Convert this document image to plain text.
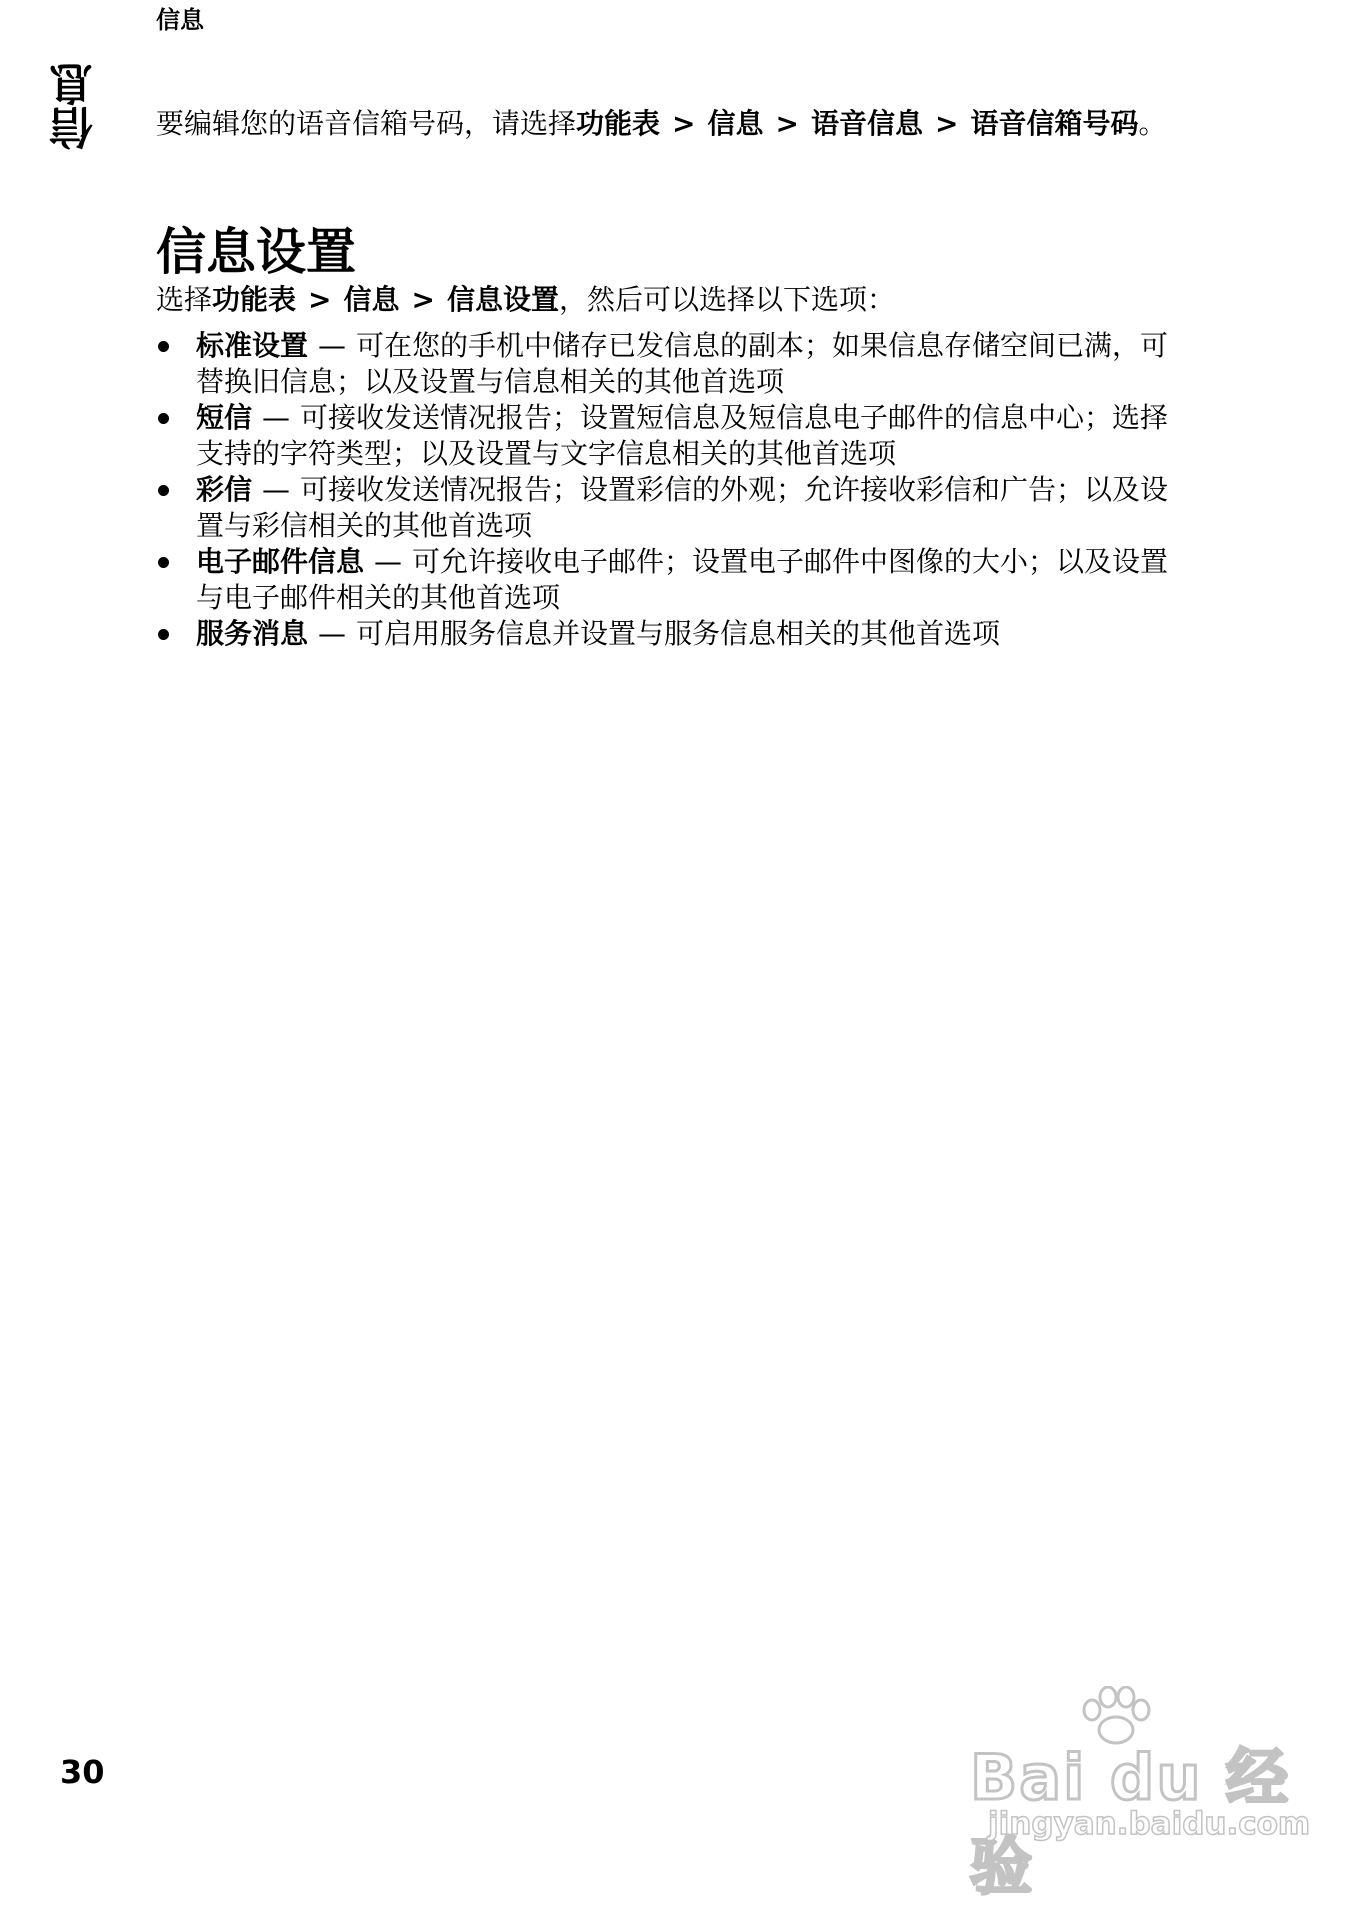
信息
信息 要编辑您的语音信箱号码，请选择功能表 > 信息 > 语音信息 > 语音信箱号码。
信息设置
选择功能表 > 信息 > 信息设置，然后可以选择以下选项：
标准设置 — 可在您的手机中储存已发信息的副本；如果信息存储空间已满，可替换旧信息；以及设置与信息相关的其他首选项
短信 — 可接收发送情况报告；设置短信息及短信息电子邮件的信息中心；选择支持的字符类型；以及设置与文字信息相关的其他首选项
彩信 — 可接收发送情况报告；设置彩信的外观；允许接收彩信和广告；以及设置与彩信相关的其他首选项
电子邮件信息 — 可允许接收电子邮件；设置电子邮件中图像的大小；以及设置与电子邮件相关的其他首选项
服务消息 — 可启用服务信息并设置与服务信息相关的其他首选项
30	Bai du 经验
jingyan.baidu.com
